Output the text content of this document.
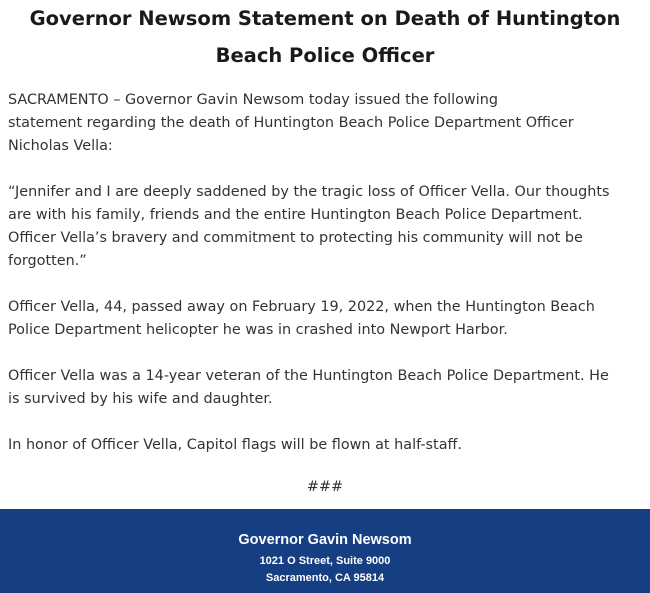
Governor Newsom Statement on Death of Huntington
Beach Police Officer

SACRAMENTO – Governor Gavin Newsom today issued the following
statement regarding the death of Huntington Beach Police Department Officer
Nicholas Vella:

“Jennifer and I are deeply saddened by the tragic loss of Officer Vella. Our thoughts
are with his family, friends and the entire Huntington Beach Police Department.
Officer Vella’s bravery and commitment to protecting his community will not be
forgotten.”

Officer Vella, 44, passed away on February 19, 2022, when the Huntington Beach
Police Department helicopter he was in crashed into Newport Harbor.

Officer Vella was a 14-year veteran of the Huntington Beach Police Department. He
is survived by his wife and daughter.

In honor of Officer Vella, Capitol flags will be flown at half-staff.

###
Governor Gavin Newsom
1021 O Street, Suite 9000
Sacramento, CA 95814
